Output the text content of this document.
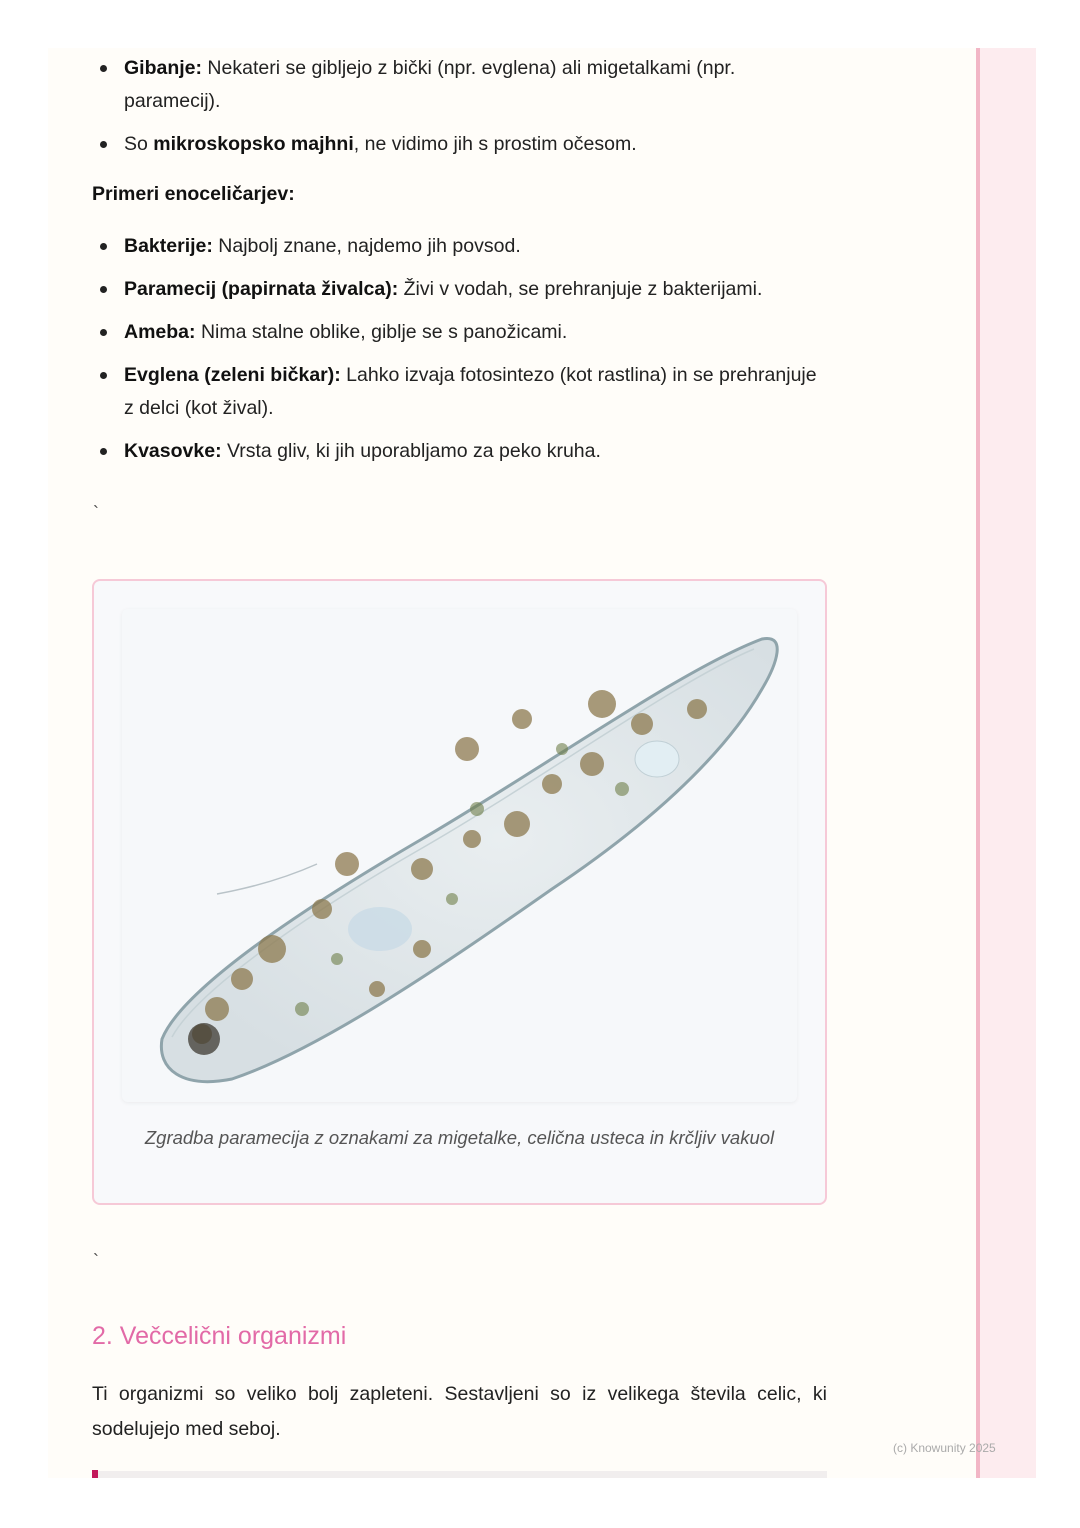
Gibanje: Nekateri se gibljejo z bički (npr. evglena) ali migetalkami (npr. paramecij).
So mikroskopsko majhni, ne vidimo jih s prostim očesom.
Primeri enoceličarjev:
Bakterije: Najbolj znane, najdemo jih povsod.
Paramecij (papirnata živalca): Živi v vodah, se prehranjuje z bakterijami.
Ameba: Nima stalne oblike, giblje se s panožicami.
Evglena (zeleni bičkar): Lahko izvaja fotosintezo (kot rastlina) in se prehranjuje z delci (kot žival).
Kvasovke: Vrsta gliv, ki jih uporabljamo za peko kruha.
`
Zgradba paramecija z oznakami za migetalke, celična usteca in krčljiv vakuol
`
2. Večcelični organizmi
Ti organizmi so veliko bolj zapleteni. Sestavljeni so iz velikega števila celic, ki sodelujejo med seboj.
(c) Knowunity 2025
